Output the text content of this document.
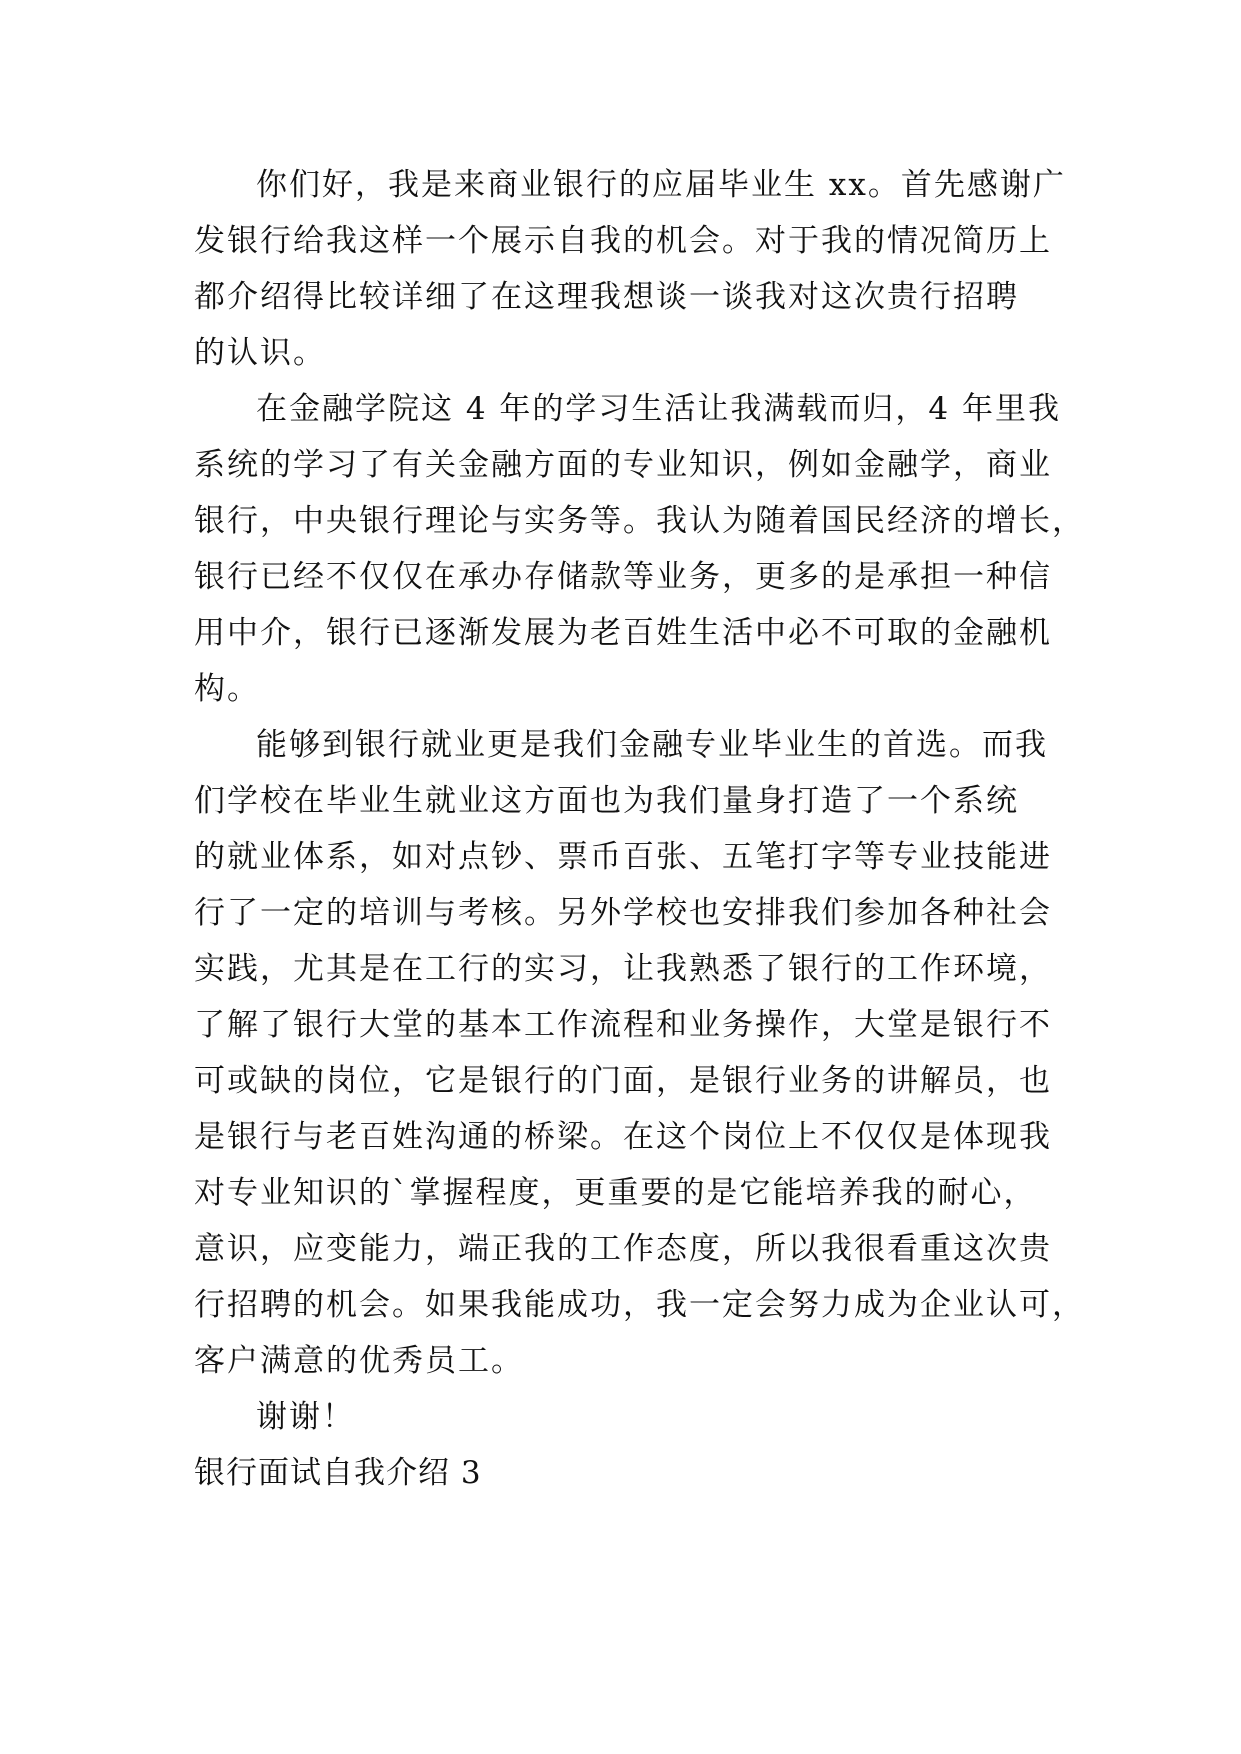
你们好，我是来商业银行的应届毕业生 xx。首先感谢广
发银行给我这样一个展示自我的机会。对于我的情况简历上
都介绍得比较详细了在这理我想谈一谈我对这次贵行招聘
的认识。
在金融学院这 4 年的学习生活让我满载而归，4 年里我
系统的学习了有关金融方面的专业知识，例如金融学，商业
银行，中央银行理论与实务等。我认为随着国民经济的增长，
银行已经不仅仅在承办存储款等业务，更多的是承担一种信
用中介，银行已逐渐发展为老百姓生活中必不可取的金融机
构。
能够到银行就业更是我们金融专业毕业生的首选。而我
们学校在毕业生就业这方面也为我们量身打造了一个系统
的就业体系，如对点钞、票币百张、五笔打字等专业技能进
行了一定的培训与考核。另外学校也安排我们参加各种社会
实践，尤其是在工行的实习，让我熟悉了银行的工作环境，
了解了银行大堂的基本工作流程和业务操作，大堂是银行不
可或缺的岗位，它是银行的门面，是银行业务的讲解员，也
是银行与老百姓沟通的桥梁。在这个岗位上不仅仅是体现我
对专业知识的`掌握程度，更重要的是它能培养我的耐心，
意识，应变能力，端正我的工作态度，所以我很看重这次贵
行招聘的机会。如果我能成功，我一定会努力成为企业认可，
客户满意的优秀员工。
谢谢！
银行面试自我介绍 3
